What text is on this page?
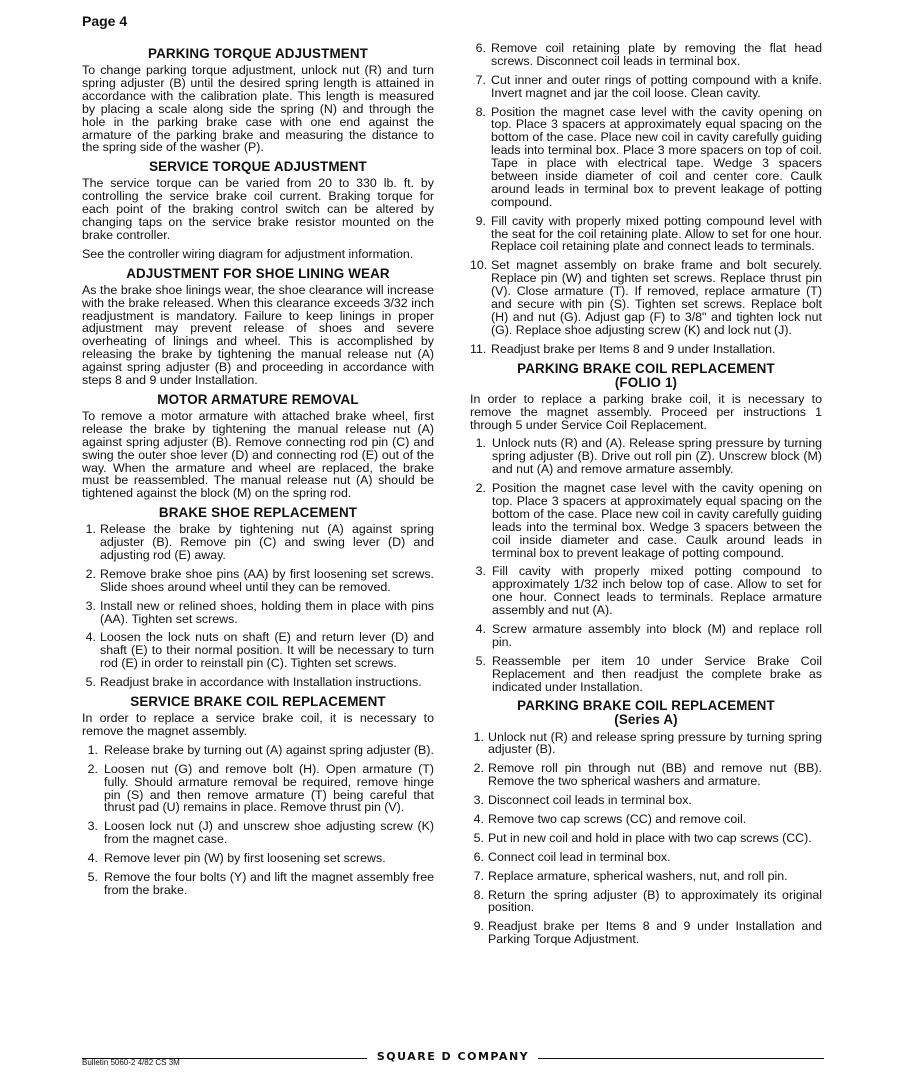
Page 4
PARKING TORQUE ADJUSTMENT

To change parking torque adjustment, unlock nut (R) and turn spring adjuster (B) until the desired spring length is attained in accordance with the calibration plate. This length is measured by placing a scale along side the spring (N) and through the hole in the parking brake case with one end against the armature of the parking brake and measuring the distance to the spring side of the washer (P).

SERVICE TORQUE ADJUSTMENT

The service torque can be varied from 20 to 330 lb. ft. by controlling the service brake coil current. Braking torque for each point of the braking control switch can be altered by changing taps on the service brake resistor mounted on the brake controller.

See the controller wiring diagram for adjustment information.

ADJUSTMENT FOR SHOE LINING WEAR

As the brake shoe linings wear, the shoe clearance will increase with the brake released. When this clearance exceeds 3/32 inch readjustment is mandatory. Failure to keep linings in proper adjustment may prevent release of shoes and severe overheating of linings and wheel. This is accomplished by releasing the brake by tightening the manual release nut (A) against spring adjuster (B) and proceeding in accordance with steps 8 and 9 under Installation.

MOTOR ARMATURE REMOVAL

To remove a motor armature with attached brake wheel, first release the brake by tightening the manual release nut (A) against spring adjuster (B). Remove connecting rod pin (C) and swing the outer shoe lever (D) and connecting rod (E) out of the way. When the armature and wheel are replaced, the brake must be reassembled. The manual release nut (A) should be tightened against the block (M) on the spring rod.

BRAKE SHOE REPLACEMENT
1. Release the brake by tightening nut (A) against spring adjuster (B). Remove pin (C) and swing lever (D) and adjusting rod (E) away.
2. Remove brake shoe pins (AA) by first loosening set screws. Slide shoes around wheel until they can be removed.
3. Install new or relined shoes, holding them in place with pins (AA). Tighten set screws.
4. Loosen the lock nuts on shaft (E) and return lever (D) and shaft (E) to their normal position. It will be necessary to turn rod (E) in order to reinstall pin (C). Tighten set screws.
5. Readjust brake in accordance with Installation instructions.
SERVICE BRAKE COIL REPLACEMENT

In order to replace a service brake coil, it is necessary to remove the magnet assembly.

1. Release brake by turning out (A) against spring adjuster (B).
2. Loosen nut (G) and remove bolt (H). Open armature (T) fully. Should armature removal be required, remove hinge pin (S) and then remove armature (T) being careful that thrust pad (U) remains in place. Remove thrust pin (V).
3. Loosen lock nut (J) and unscrew shoe adjusting screw (K) from the magnet case.
4. Remove lever pin (W) by first loosening set screws.
5. Remove the four bolts (Y) and lift the magnet assembly free from the brake.
6. Remove coil retaining plate by removing the flat head screws. Disconnect coil leads in terminal box.
7. Cut inner and outer rings of potting compound with a knife. Invert magnet and jar the coil loose. Clean cavity.
8. Position the magnet case level with the cavity opening on top. Place 3 spacers at approximately equal spacing on the bottom of the case. Place new coil in cavity carefully guiding leads into terminal box. Place 3 more spacers on top of coil. Tape in place with electrical tape. Wedge 3 spacers between inside diameter of coil and center core. Caulk around leads in terminal box to prevent leakage of potting compound.
9. Fill cavity with properly mixed potting compound level with the seat for the coil retaining plate. Allow to set for one hour. Replace coil retaining plate and connect leads to terminals.
10. Set magnet assembly on brake frame and bolt securely. Replace pin (W) and tighten set screws. Replace thrust pin (V). Close armature (T). If removed, replace armature (T) and secure with pin (S). Tighten set screws. Replace bolt (H) and nut (G). Adjust gap (F) to 3/8" and tighten lock nut (G). Replace shoe adjusting screw (K) and lock nut (J).
11. Readjust brake per Items 8 and 9 under Installation.
PARKING BRAKE COIL REPLACEMENT
(FOLIO 1)

In order to replace a parking brake coil, it is necessary to remove the magnet assembly. Proceed per instructions 1 through 5 under Service Coil Replacement.

1. Unlock nuts (R) and (A). Release spring pressure by turning spring adjuster (B). Drive out roll pin (Z). Unscrew block (M) and nut (A) and remove armature assembly.
2. Position the magnet case level with the cavity opening on top. Place 3 spacers at approximately equal spacing on the bottom of the case. Place new coil in cavity carefully guiding leads into the terminal box. Wedge 3 spacers between the coil inside diameter and case. Caulk around leads in terminal box to prevent leakage of potting compound.
3. Fill cavity with properly mixed potting compound to approximately 1/32 inch below top of case. Allow to set for one hour. Connect leads to terminals. Replace armature assembly and nut (A).
4. Screw armature assembly into block (M) and replace roll pin.
5. Reassemble per item 10 under Service Brake Coil Replacement and then readjust the complete brake as indicated under Installation.
PARKING BRAKE COIL REPLACEMENT
(Series A)
1. Unlock nut (R) and release spring pressure by turning spring adjuster (B).
2. Remove roll pin through nut (BB) and remove nut (BB). Remove the two spherical washers and armature.
3. Disconnect coil leads in terminal box.
4. Remove two cap screws (CC) and remove coil.
5. Put in new coil and hold in place with two cap screws (CC).
6. Connect coil lead in terminal box.
7. Replace armature, spherical washers, nut, and roll pin.
8. Return the spring adjuster (B) to approximately its original position.
9. Readjust brake per Items 8 and 9 under Installation and Parking Torque Adjustment.
Bulletin 5060-2 4/82 CS 3M	SQUARE D COMPANY
